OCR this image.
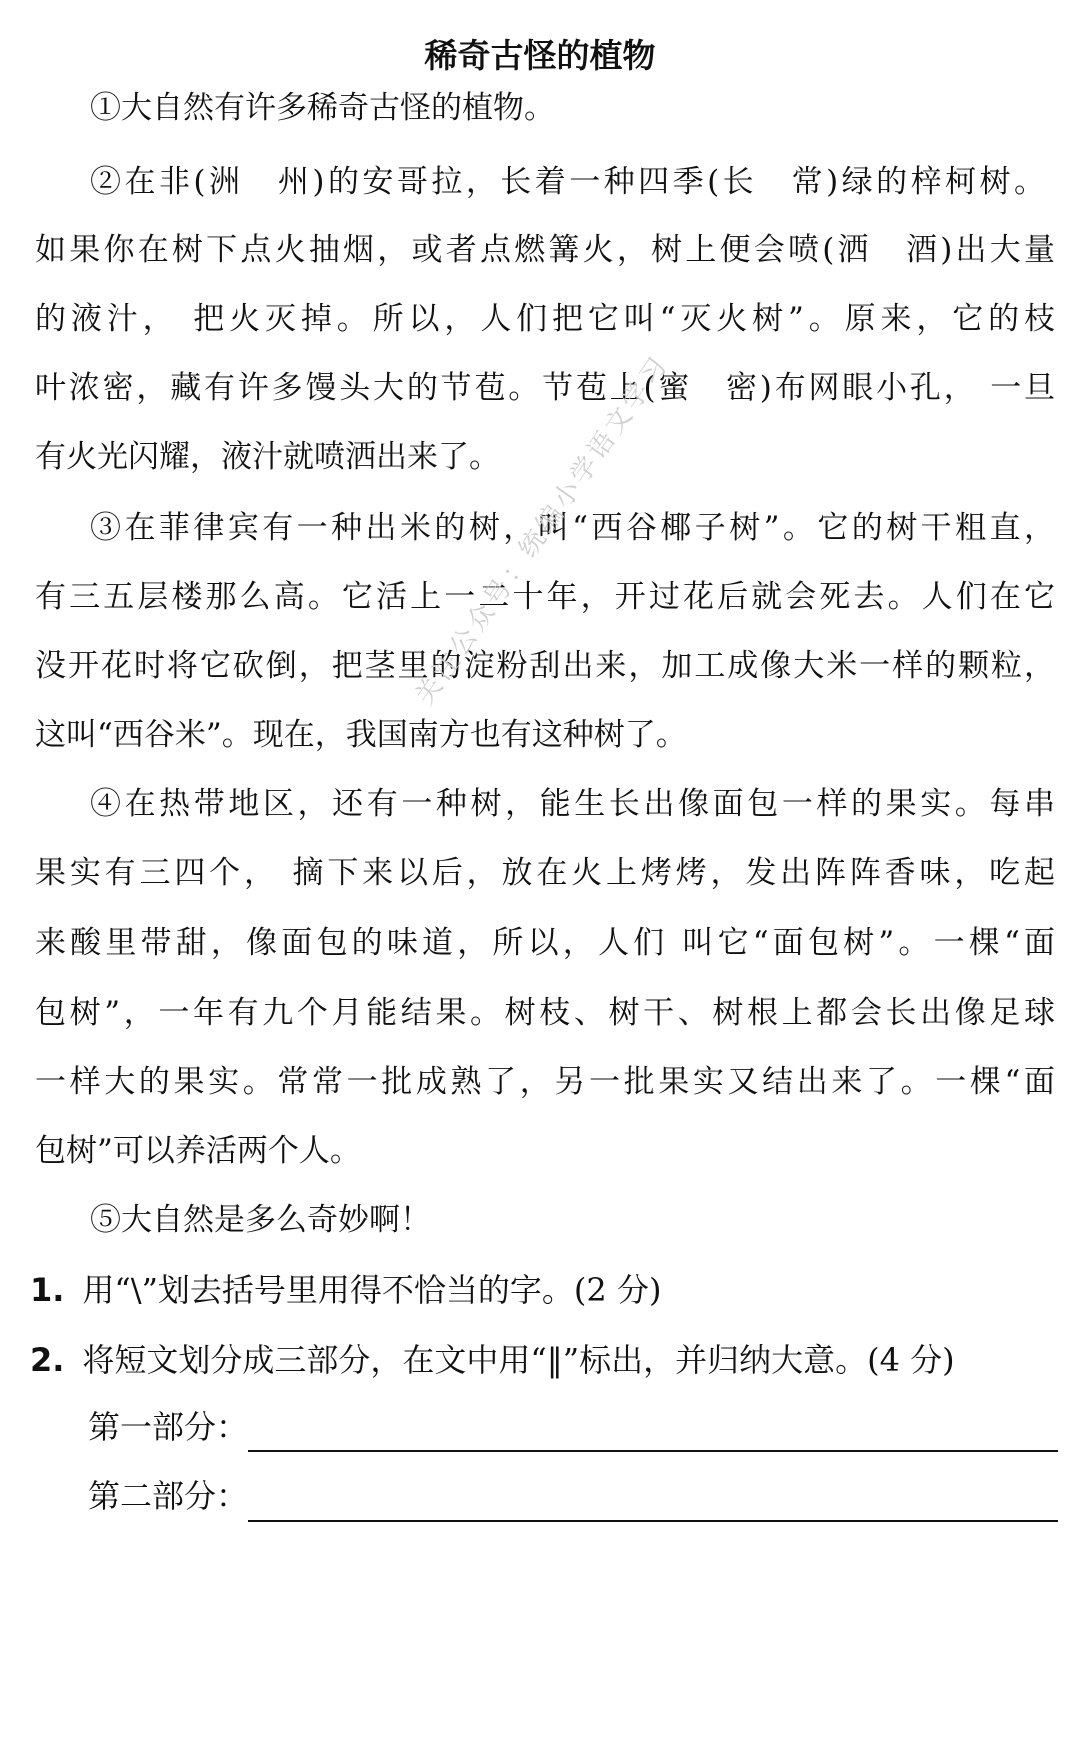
稀奇古怪的植物
①大自然有许多稀奇古怪的植物。
②在非(洲　州)的安哥拉，长着一种四季(长　常)绿的梓柯树。
如果你在树下点火抽烟，或者点燃篝火，树上便会喷(洒　酒)出大量
的液汁， 把火灭掉。所以，人们把它叫“灭火树”。原来，它的枝
叶浓密，藏有许多馒头大的节苞。节苞上(蜜　密)布网眼小孔， 一旦
有火光闪耀，液汁就喷洒出来了。
③在菲律宾有一种出米的树，叫“西谷椰子树”。它的树干粗直，
有三五层楼那么高。它活上一二十年，开过花后就会死去。人们在它
没开花时将它砍倒，把茎里的淀粉刮出来，加工成像大米一样的颗粒，
这叫“西谷米”。现在，我国南方也有这种树了。
④在热带地区，还有一种树，能生长出像面包一样的果实。每串
果实有三四个， 摘下来以后，放在火上烤烤，发出阵阵香味，吃起
来酸里带甜，像面包的味道，所以，人们 叫它“面包树”。一棵“面
包树”，一年有九个月能结果。树枝、树干、树根上都会长出像足球
一样大的果实。常常一批成熟了，另一批果实又结出来了。一棵“面
包树”可以养活两个人。
⑤大自然是多么奇妙啊！
1. 用“\”划去括号里用得不恰当的字。(2 分)
2. 将短文划分成三部分，在文中用“‖”标出，并归纳大意。(4 分)
第一部分：
第二部分：
关注公众号：统编小学语文学习
